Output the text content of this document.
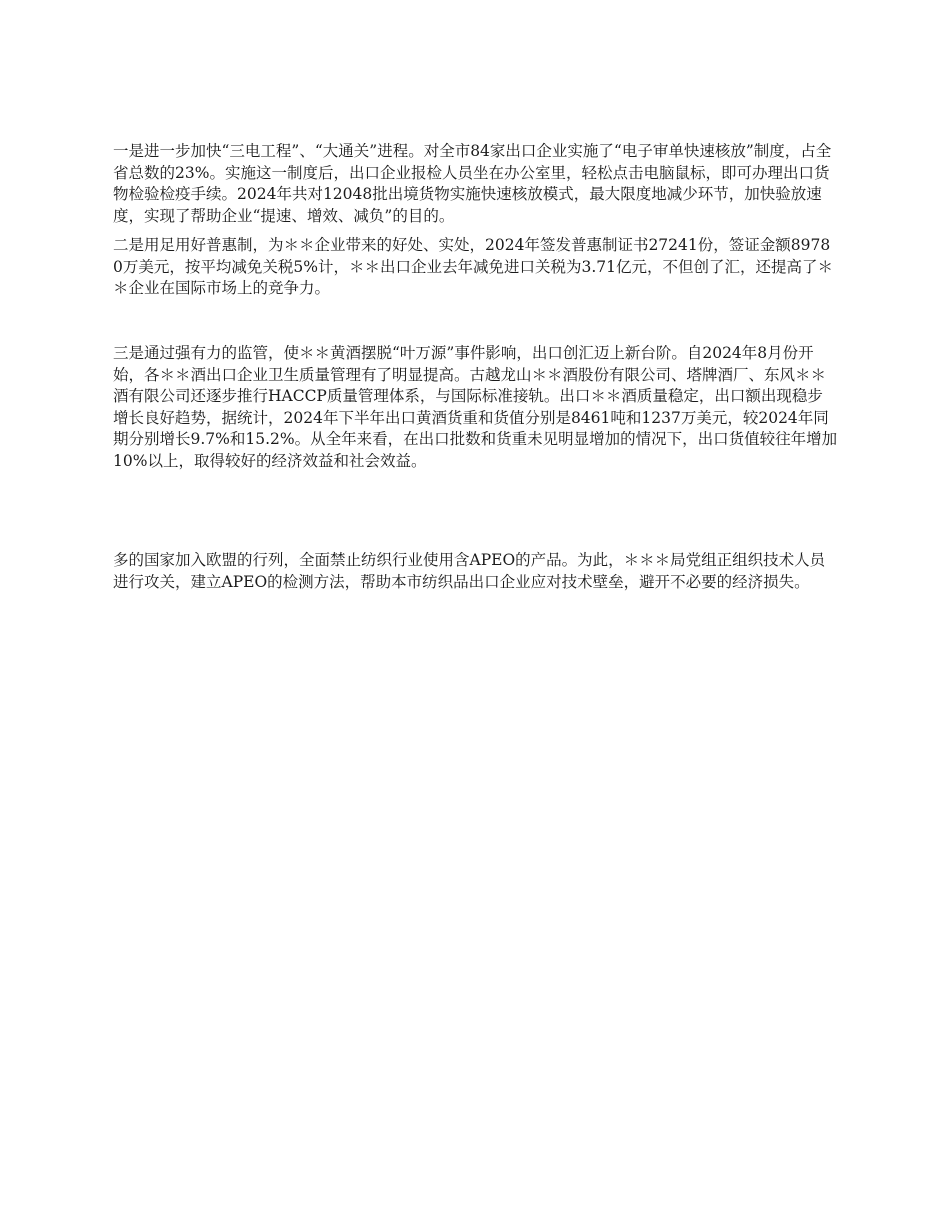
一是进一步加快“三电工程”、“大通关”进程。对全市84家出口企业实施了“电子审单快速核放”制度，占全省总数的23%。实施这一制度后，出口企业报检人员坐在办公室里，轻松点击电脑鼠标，即可办理出口货物检验检疫手续。2024年共对12048批出境货物实施快速核放模式，最大限度地减少环节，加快验放速度，实现了帮助企业“提速、增效、减负”的目的。

二是用足用好普惠制，为＊＊企业带来的好处、实处，2024年签发普惠制证书27241份，签证金额89780万美元，按平均减免关税5%计，＊＊出口企业去年减免进口关税为3.71亿元，不但创了汇，还提高了＊＊企业在国际市场上的竞争力。

三是通过强有力的监管，使＊＊黄酒摆脱“叶万源”事件影响，出口创汇迈上新台阶。自2024年8月份开始，各＊＊酒出口企业卫生质量管理有了明显提高。古越龙山＊＊酒股份有限公司、塔牌酒厂、东风＊＊酒有限公司还逐步推行HACCP质量管理体系，与国际标准接轨。出口＊＊酒质量稳定，出口额出现稳步增长良好趋势，据统计，2024年下半年出口黄酒货重和货值分别是8461吨和1237万美元，较2024年同期分别增长9.7%和15.2%。从全年来看，在出口批数和货重未见明显增加的情况下，出口货值较往年增加10%以上，取得较好的经济效益和社会效益。

多的国家加入欧盟的行列，全面禁止纺织行业使用含APEO的产品。为此，＊＊＊局党组正组织技术人员进行攻关，建立APEO的检测方法，帮助本市纺织品出口企业应对技术壁垒，避开不必要的经济损失。
